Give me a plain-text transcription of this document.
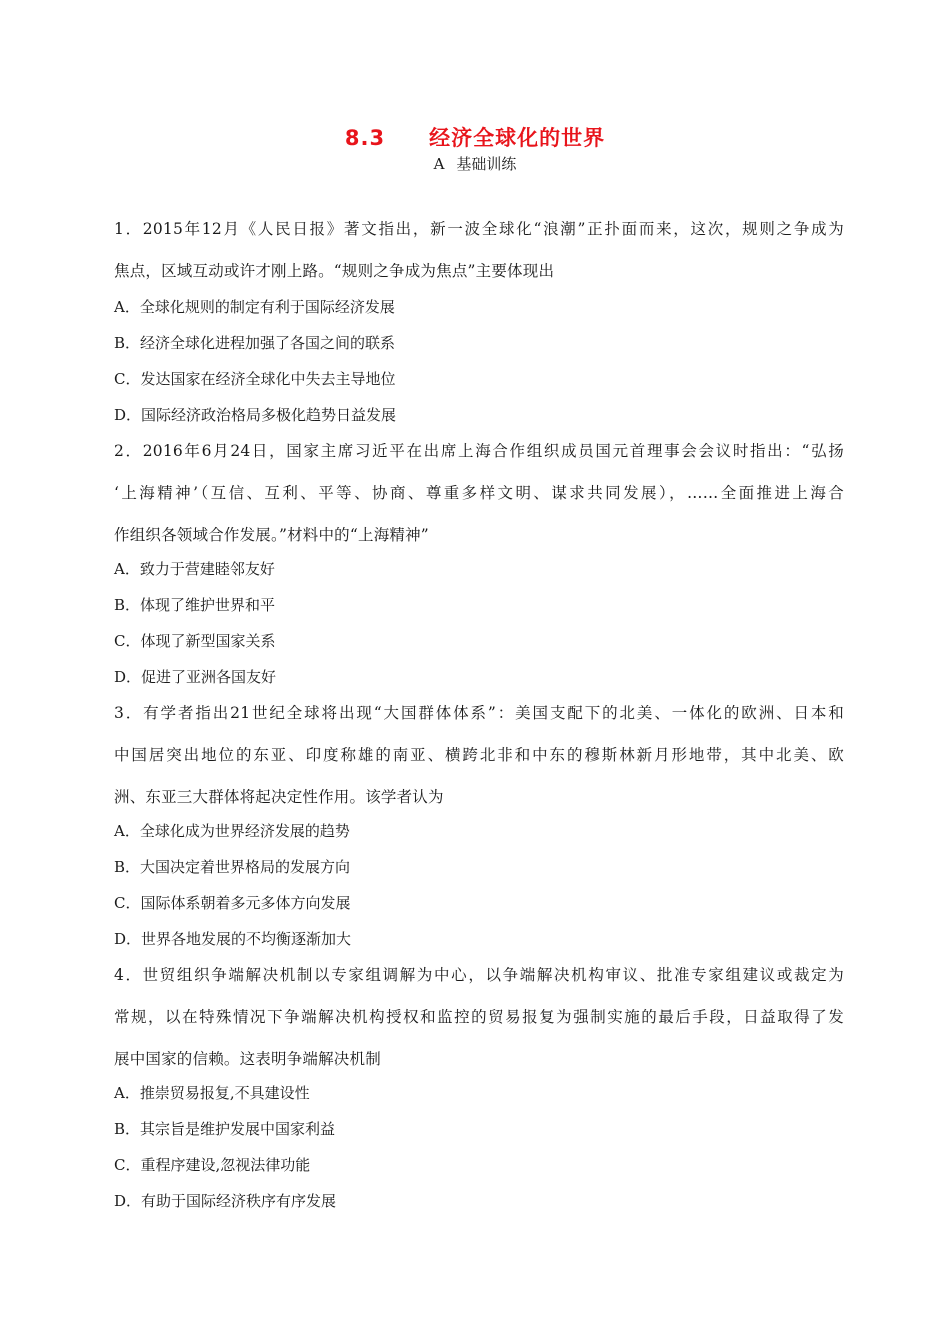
8.3 经济全球化的世界
A 基础训练
1．2015年12月《人民日报》著文指出，新一波全球化“浪潮”正扑面而来，这次，规则之争成为
焦点，区域互动或许才刚上路。“规则之争成为焦点”主要体现出
A．全球化规则的制定有利于国际经济发展
B．经济全球化进程加强了各国之间的联系
C．发达国家在经济全球化中失去主导地位
D．国际经济政治格局多极化趋势日益发展
2．2016年6月24日，国家主席习近平在出席上海合作组织成员国元首理事会会议时指出：“弘扬
‘上海精神’（互信、互利、平等、协商、尊重多样文明、谋求共同发展），……全面推进上海合
作组织各领域合作发展。”材料中的“上海精神”
A．致力于营建睦邻友好
B．体现了维护世界和平
C．体现了新型国家关系
D．促进了亚洲各国友好
3．有学者指出21世纪全球将出现“大国群体体系”：美国支配下的北美、一体化的欧洲、日本和
中国居突出地位的东亚、印度称雄的南亚、横跨北非和中东的穆斯林新月形地带，其中北美、欧
洲、东亚三大群体将起决定性作用。该学者认为
A．全球化成为世界经济发展的趋势
B．大国决定着世界格局的发展方向
C．国际体系朝着多元多体方向发展
D．世界各地发展的不均衡逐渐加大
4．世贸组织争端解决机制以专家组调解为中心，以争端解决机构审议、批准专家组建议或裁定为
常规，以在特殊情况下争端解决机构授权和监控的贸易报复为强制实施的最后手段，日益取得了发
展中国家的信赖。这表明争端解决机制
A．推崇贸易报复,不具建设性
B．其宗旨是维护发展中国家利益
C．重程序建设,忽视法律功能
D．有助于国际经济秩序有序发展
